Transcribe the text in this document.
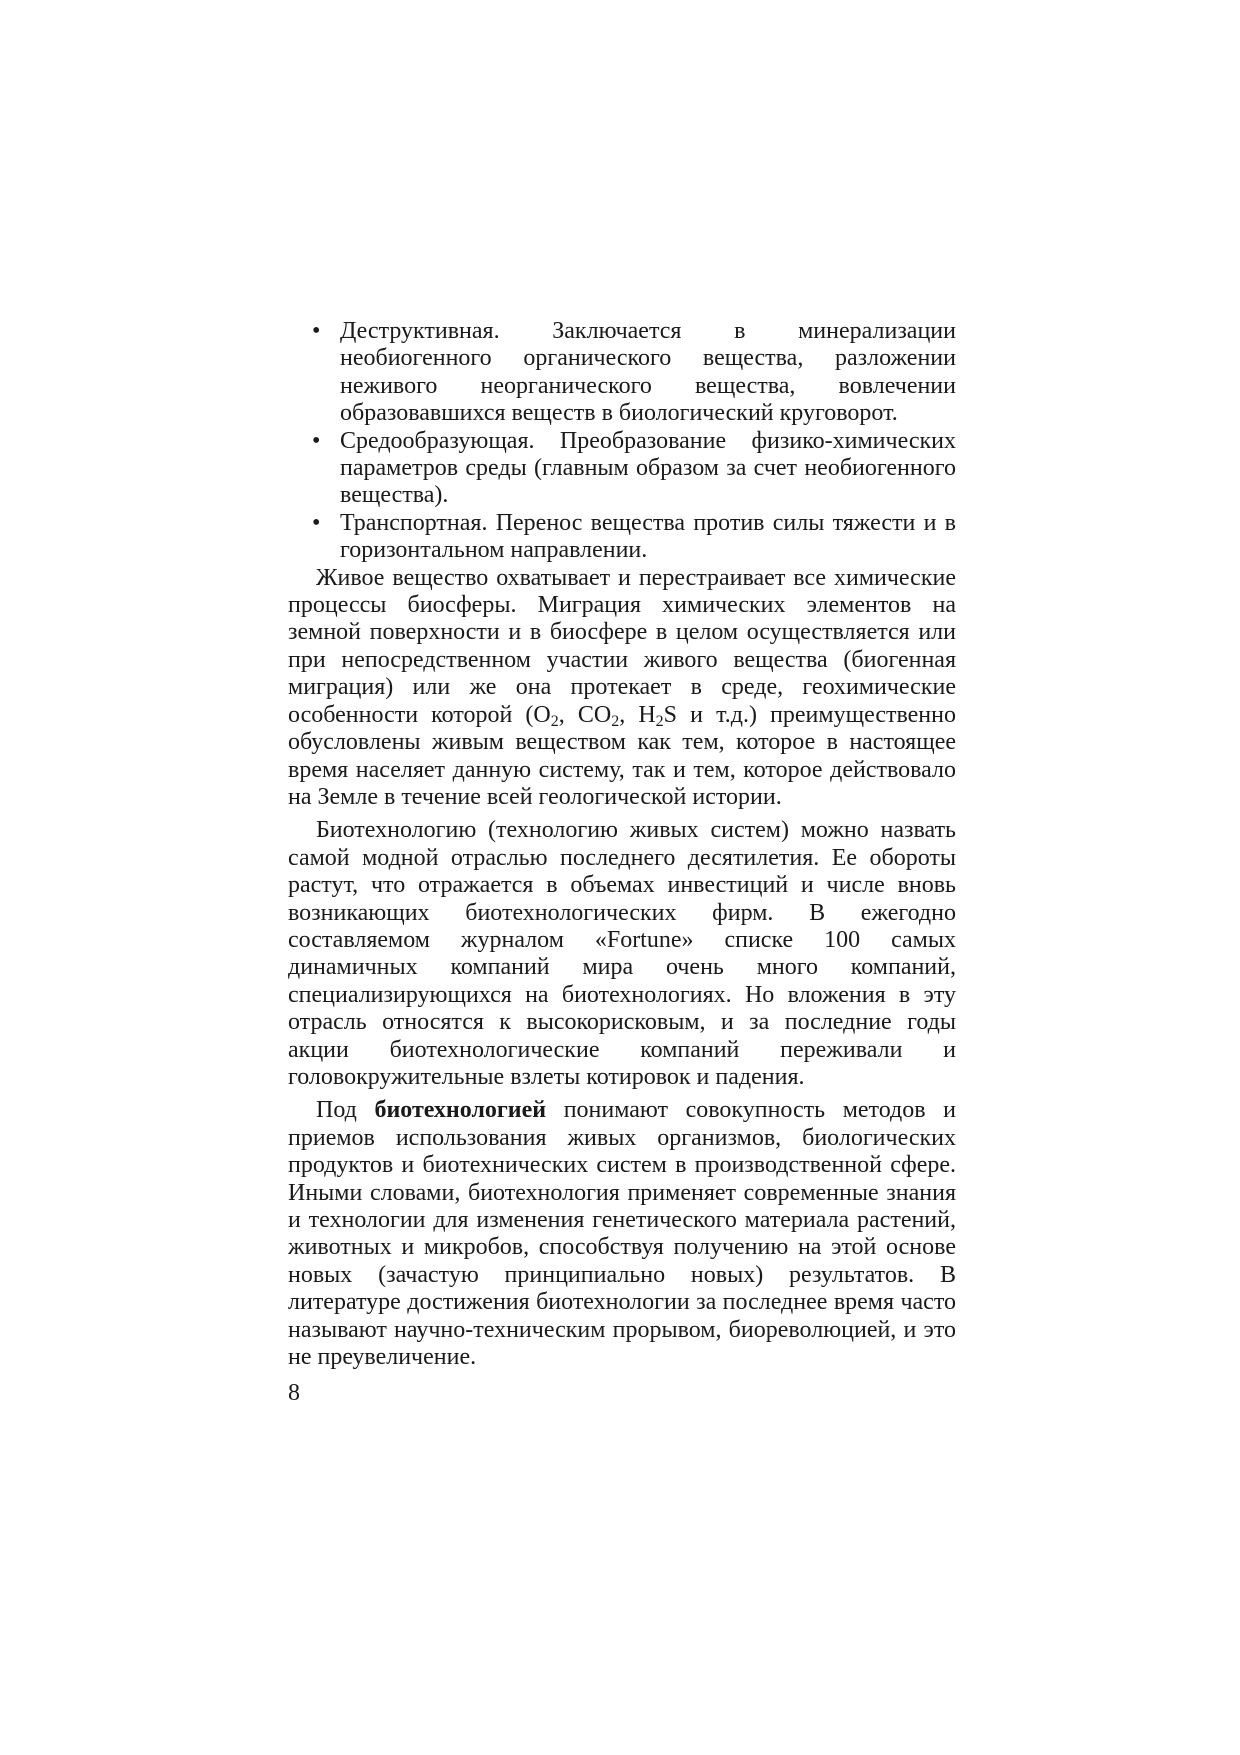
• Деструктивная. Заключается в минерализации необиогенного органического вещества, разложении неживого неорганического вещества, вовлечении образовавшихся веществ в биологический круговорот.
• Средообразующая. Преобразование физико-химических параметров среды (главным образом за счет необиогенного вещества).
• Транспортная. Перенос вещества против силы тяжести и в горизонтальном направлении.

Живое вещество охватывает и перестраивает все химические процессы биосферы. Миграция химических элементов на земной поверхности и в биосфере в целом осуществляется или при непосредственном участии живого вещества (биогенная миграция) или же она протекает в среде, геохимические особенности которой ($O_2$, $CO_2$, $H_2S$ и т.д.) преимущественно обусловлены живым веществом как тем, которое в настоящее время населяет данную систему, так и тем, которое действовало на Земле в течение всей геологической истории.

Биотехнологию (технологию живых систем) можно назвать самой модной отраслью последнего десятилетия. Ее обороты растут, что отражается в объемах инвестиций и числе вновь возникающих биотехнологических фирм. В ежегодно составляемом журналом «Fortune» списке 100 самых динамичных компаний мира очень много компаний, специализирующихся на биотехнологиях. Но вложения в эту отрасль относятся к высокорисковым, и за последние годы акции биотехнологические компаний переживали и головокружительные взлеты котировок и падения.

Под биотехнологией понимают совокупность методов и приемов использования живых организмов, биологических продуктов и биотехнических систем в производственной сфере. Иными словами, биотехнология применяет современные знания и технологии для изменения генетического материала растений, животных и микробов, способствуя получению на этой основе новых (зачастую принципиально новых) результатов. В литературе достижения биотехнологии за последнее время часто называют научно-техническим прорывом, биореволюцией, и это не преувеличение.

8
